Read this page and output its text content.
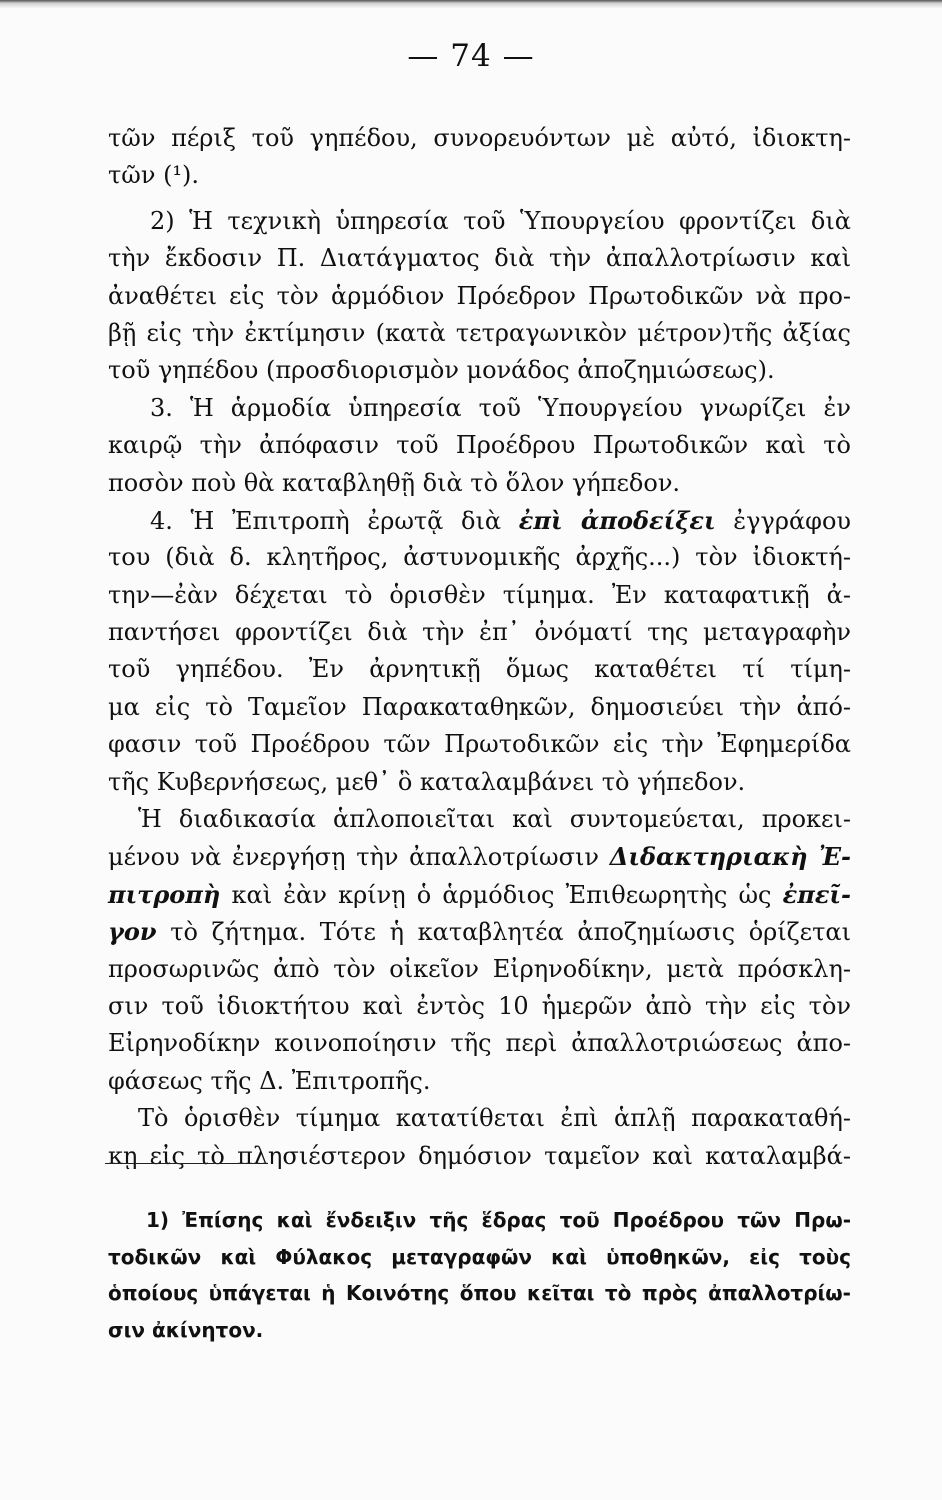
— 74 —
τῶν πέριξ τοῦ γηπέδου, συνορευόντων μὲ αὐτό, ἰδιοκτη-
τῶν (¹).
2) Ἡ τεχνικὴ ὑπηρεσία τοῦ Ὑπουργείου φροντίζει διὰ
τὴν ἔκδοσιν Π. Διατάγματος διὰ τὴν ἀπαλλοτρίωσιν καὶ
ἀναθέτει εἰς τὸν ἁρμόδιον Πρόεδρον Πρωτοδικῶν νὰ προ-
βῇ εἰς τὴν ἐκτίμησιν (κατὰ τετραγωνικὸν μέτρον)τῆς ἀξίας
τοῦ γηπέδου (προσδιορισμὸν μονάδος ἀποζημιώσεως).
3. Ἡ ἁρμοδία ὑπηρεσία τοῦ Ὑπουργείου γνωρίζει ἐν
καιρῷ τὴν ἀπόφασιν τοῦ Προέδρου Πρωτοδικῶν καὶ τὸ
ποσὸν ποὺ θὰ καταβληθῇ διὰ τὸ ὅλον γήπεδον.
4. Ἡ Ἐπιτροπὴ ἐρωτᾷ διὰ ἐπὶ ἀποδείξει ἐγγράφου
του (διὰ δ. κλητῆρος, ἀστυνομικῆς ἀρχῆς...) τὸν ἰδιοκτή-
την—ἐὰν δέχεται τὸ ὁρισθὲν τίμημα. Ἐν καταφατικῇ ἀ-
παντήσει φροντίζει διὰ τὴν ἐπ᾽ ὀνόματί της μεταγραφὴν
τοῦ γηπέδου. Ἐν ἀρνητικῇ ὅμως καταθέτει τί τίμη-
μα εἰς τὸ Ταμεῖον Παρακαταθηκῶν, δημοσιεύει τὴν ἀπό-
φασιν τοῦ Προέδρου τῶν Πρωτοδικῶν εἰς τὴν Ἐφημερίδα
τῆς Κυβερνήσεως, μεθ᾽ ὃ καταλαμβάνει τὸ γήπεδον.
Ἡ διαδικασία ἁπλοποιεῖται καὶ συντομεύεται, προκει-
μένου νὰ ἐνεργήσῃ τὴν ἀπαλλοτρίωσιν Διδακτηριακὴ Ἐ-
πιτροπὴ καὶ ἐὰν κρίνῃ ὁ ἁρμόδιος Ἐπιθεωρητὴς ὡς ἐπεῖ-
γον τὸ ζήτημα. Τότε ἡ καταβλητέα ἀποζημίωσις ὁρίζεται
προσωρινῶς ἀπὸ τὸν οἰκεῖον Εἰρηνοδίκην, μετὰ πρόσκλη-
σιν τοῦ ἰδιοκτήτου καὶ ἐντὸς 10 ἡμερῶν ἀπὸ τὴν εἰς τὸν
Εἰρηνοδίκην κοινοποίησιν τῆς περὶ ἀπαλλοτριώσεως ἀπο-
φάσεως τῆς Δ. Ἐπιτροπῆς.
Τὸ ὁρισθὲν τίμημα κατατίθεται ἐπὶ ἁπλῇ παρακαταθή-
κῃ εἰς τὸ πλησιέστερον δημόσιον ταμεῖον καὶ καταλαμβά-
1) Ἐπίσης καὶ ἔνδειξιν τῆς ἕδρας τοῦ Προέδρου τῶν Πρω-
τοδικῶν καὶ Φύλακος μεταγραφῶν καὶ ὑποθηκῶν, εἰς τοὺς
ὁποίους ὑπάγεται ἡ Κοινότης ὅπου κεῖται τὸ πρὸς ἀπαλλοτρίω-
σιν ἀκίνητον.
